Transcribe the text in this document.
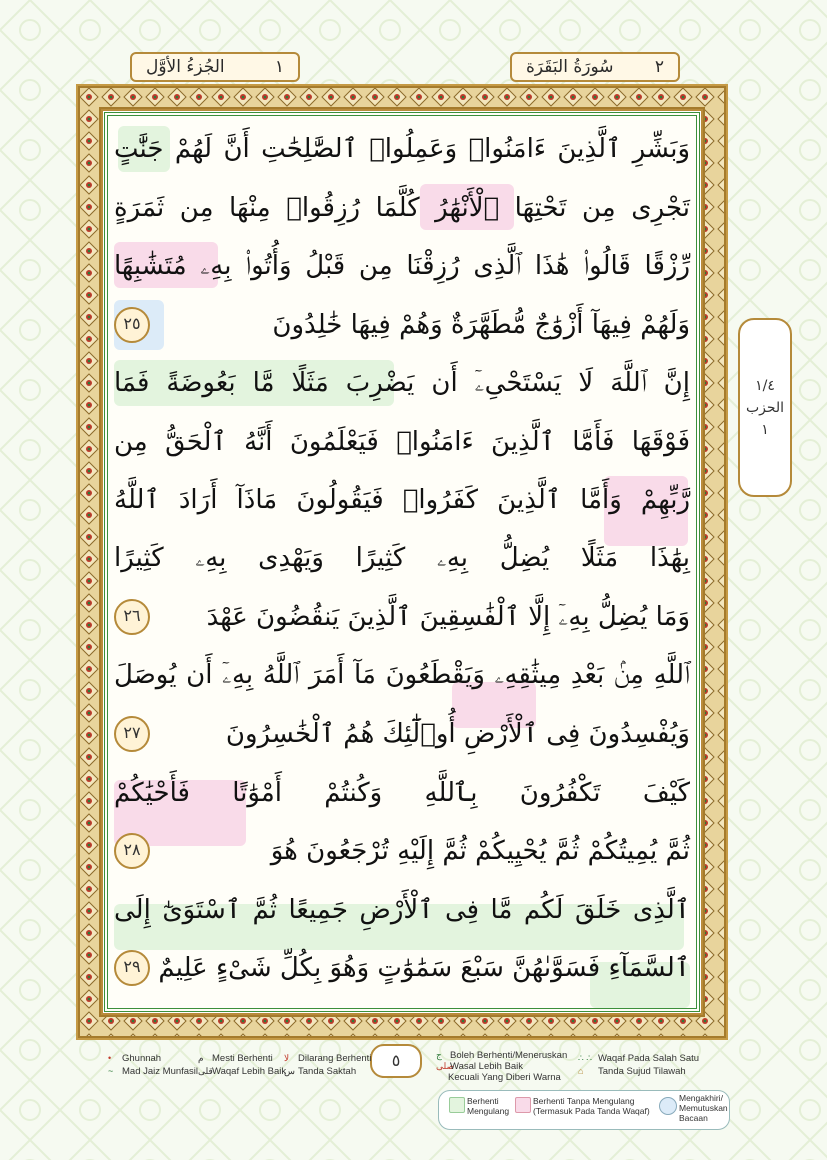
الجُزءُ الأوَّل	١	سُورَةُ البَقَرَة ٢
وَبَشِّرِ ٱلَّذِينَ ءَامَنُوا۟ وَعَمِلُوا۟ ٱلصَّٰلِحَٰتِ أَنَّ لَهُمْ جَنَّٰتٍ
تَجْرِى مِن تَحْتِهَا ٱلْأَنْهَٰرُ كُلَّمَا رُزِقُوا۟ مِنْهَا مِن ثَمَرَةٍ
رِّزْقًا قَالُوا۟ هَٰذَا ٱلَّذِى رُزِقْنَا مِن قَبْلُ وَأُتُوا۟ بِهِۦ مُتَشَٰبِهًا
وَلَهُمْ فِيهَآ أَزْوَٰجٌ مُّطَهَّرَةٌ وَهُمْ فِيهَا خَٰلِدُونَ
٢٥
إِنَّ ٱللَّهَ لَا يَسْتَحْىِۦٓ أَن يَضْرِبَ مَثَلًا مَّا بَعُوضَةً فَمَا
فَوْقَهَا فَأَمَّا ٱلَّذِينَ ءَامَنُوا۟ فَيَعْلَمُونَ أَنَّهُ ٱلْحَقُّ مِن
رَّبِّهِمْ وَأَمَّا ٱلَّذِينَ كَفَرُوا۟ فَيَقُولُونَ مَاذَآ أَرَادَ ٱللَّهُ
بِهَٰذَا مَثَلًا يُضِلُّ بِهِۦ كَثِيرًا وَيَهْدِى بِهِۦ كَثِيرًا
وَمَا يُضِلُّ بِهِۦٓ إِلَّا ٱلْفَٰسِقِينَ ٱلَّذِينَ يَنقُضُونَ عَهْدَ
٢٦
ٱللَّهِ مِنۢ بَعْدِ مِيثَٰقِهِۦ وَيَقْطَعُونَ مَآ أَمَرَ ٱللَّهُ بِهِۦٓ أَن يُوصَلَ
وَيُفْسِدُونَ فِى ٱلْأَرْضِ أُو۟لَٰٓئِكَ هُمُ ٱلْخَٰسِرُونَ
٢٧
كَيْفَ تَكْفُرُونَ بِٱللَّهِ وَكُنتُمْ أَمْوَٰتًا فَأَحْيَٰكُمْ
ثُمَّ يُمِيتُكُمْ ثُمَّ يُحْيِيكُمْ ثُمَّ إِلَيْهِ تُرْجَعُونَ هُوَ
٢٨
ٱلَّذِى خَلَقَ لَكُم مَّا فِى ٱلْأَرْضِ جَمِيعًا ثُمَّ ٱسْتَوَىٰٓ إِلَى
ٱلسَّمَآءِ فَسَوَّىٰهُنَّ سَبْعَ سَمَٰوَٰتٍ وَهُوَ بِكُلِّ شَىْءٍ عَلِيمٌ
٢٩
١/٤
الحزب
١
٥
• Ghunnah
~ Mad Jaiz Munfasil
م Mesti Berhenti
قلىWaqaf Lebih Baik
لا Dilarang Berhenti
س Tanda Saktah
ج Boleh Berhenti/Meneruskan
صلىWasal Lebih Baik
Kecuali Yang Diberi Warna
∴ ∴ Waqaf Pada Salah Satu
⌂ Tanda Sujud Tilawah
Berhenti
Mengulang
Berhenti Tanpa Mengulang
(Termasuk Pada Tanda Waqaf)
Mengakhiri/
Memutuskan
Bacaan
